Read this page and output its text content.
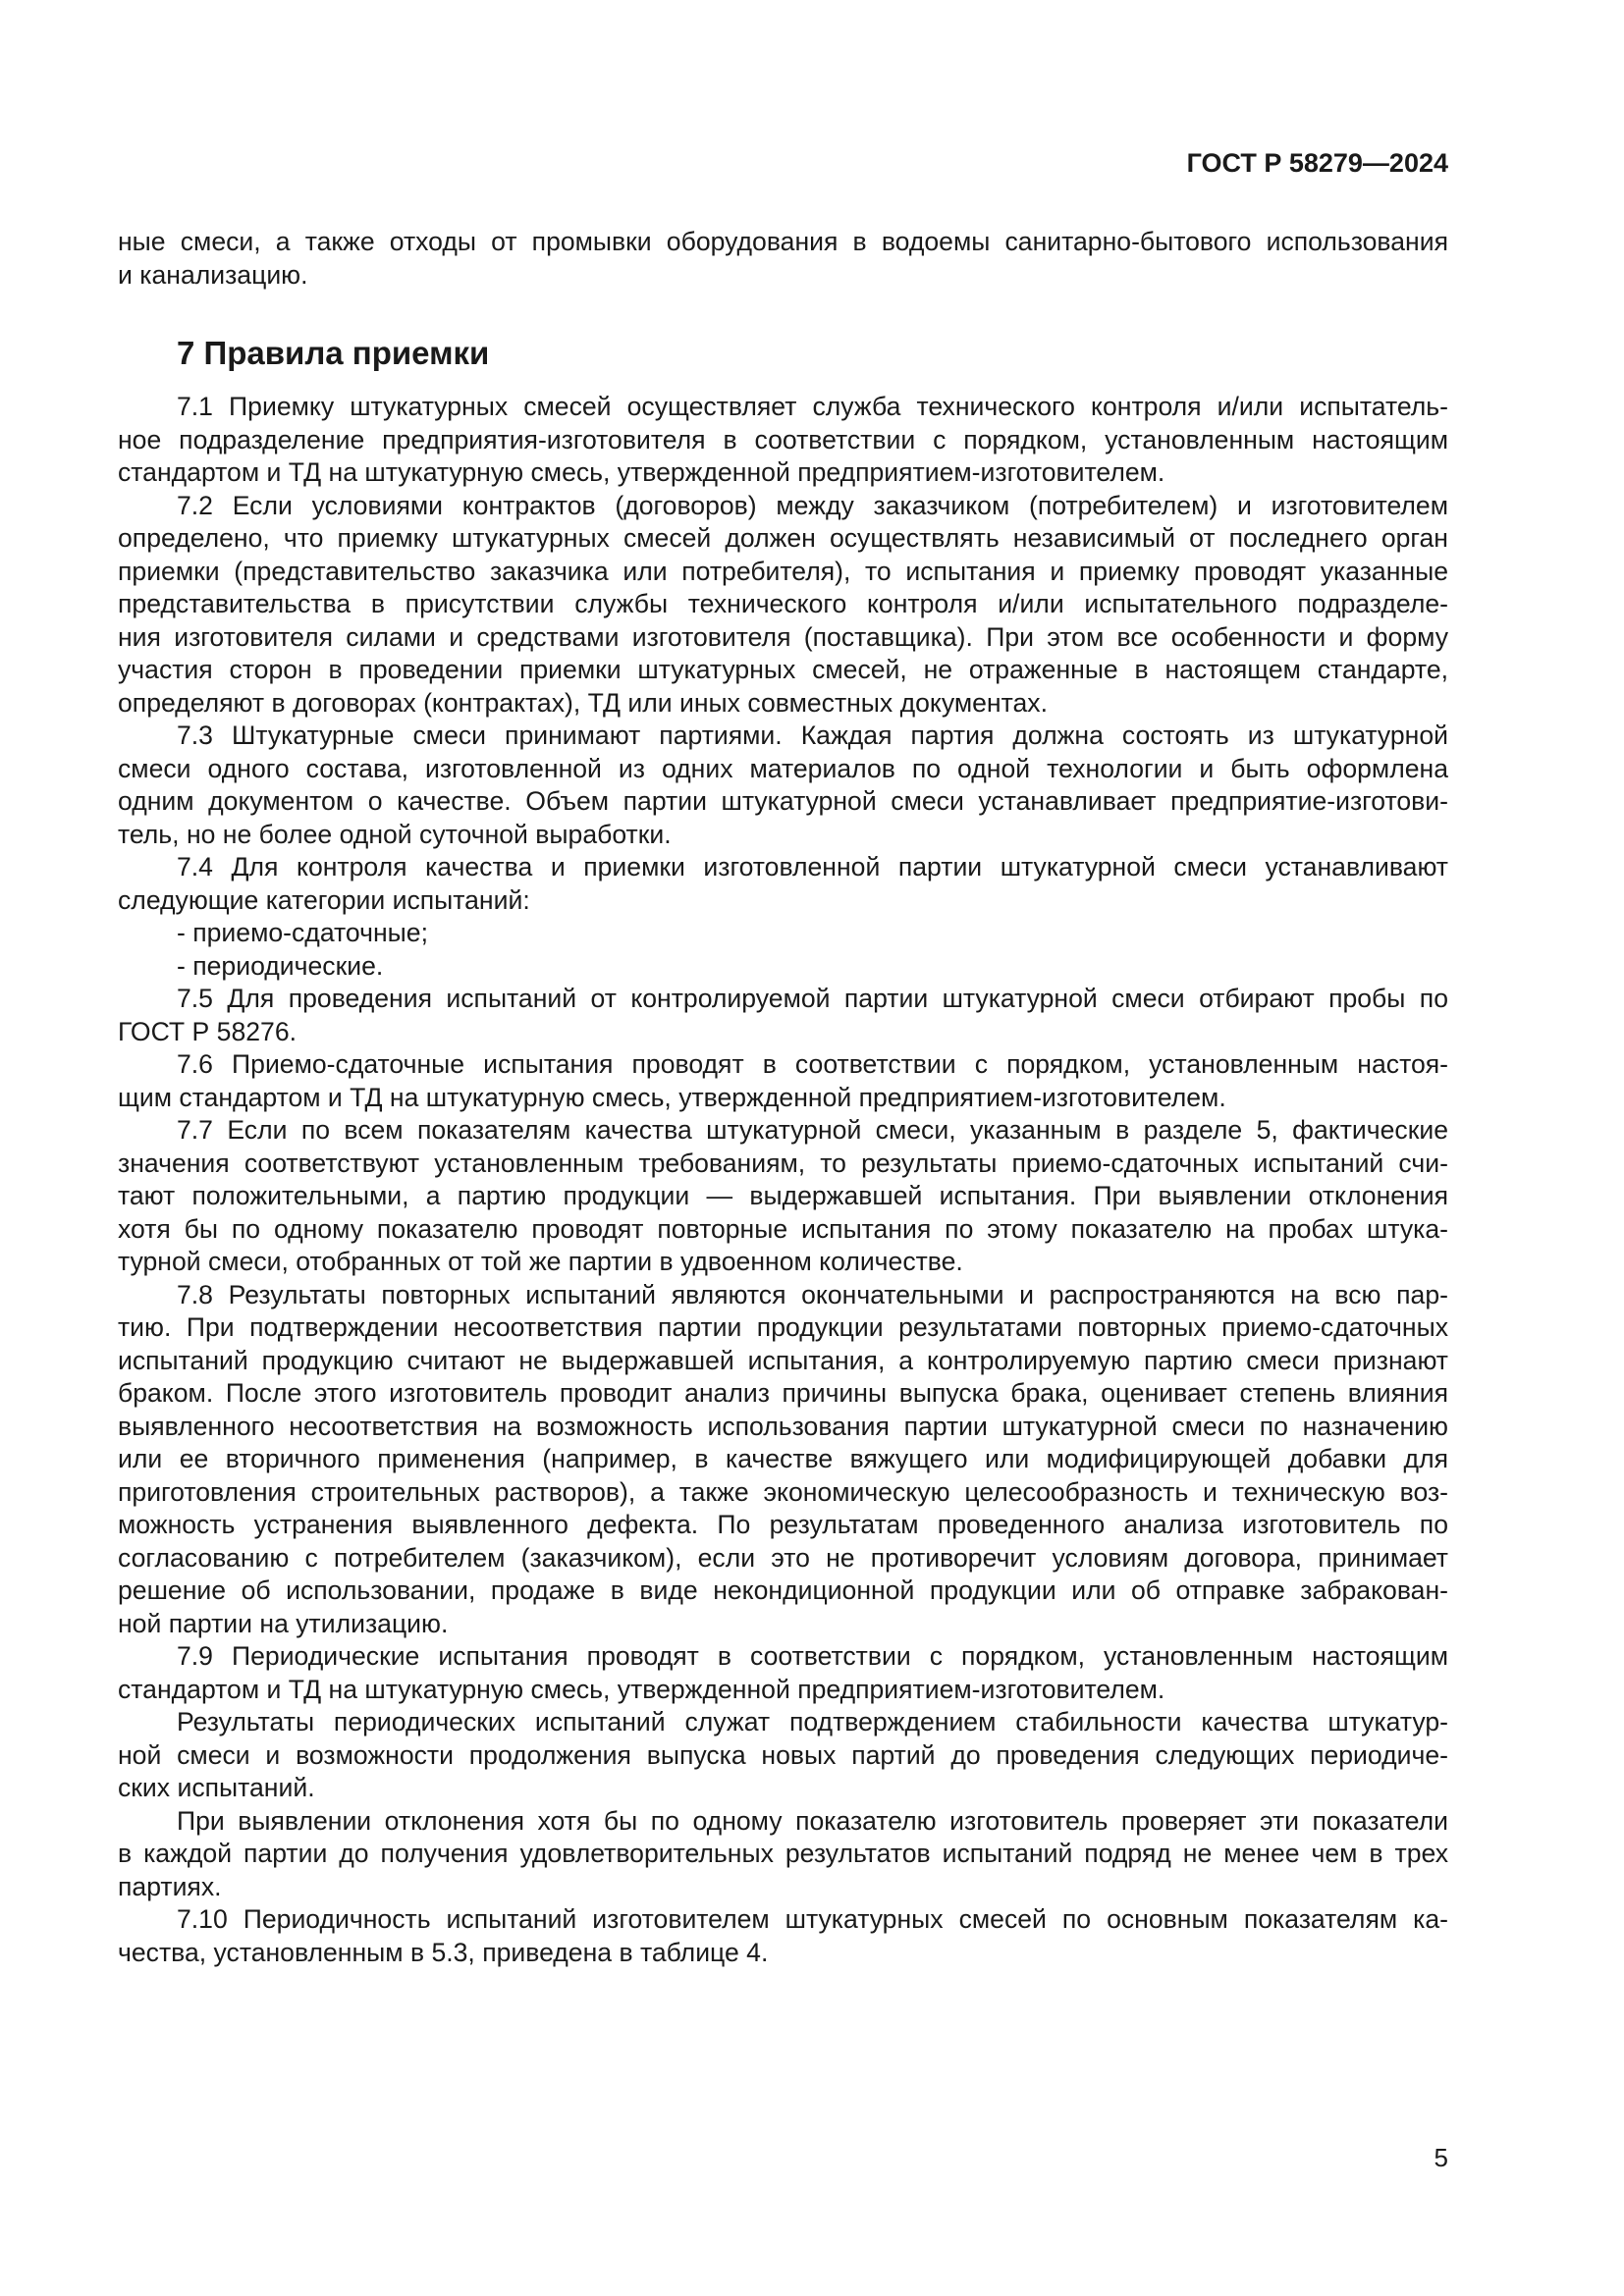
ГОСТ Р 58279—2024
ные смеси, а также отходы от промывки оборудования в водоемы санитарно-бытового использования
и канализацию.
7 Правила приемки
7.1 Приемку штукатурных смесей осуществляет служба технического контроля и/или испытатель-
ное подразделение предприятия-изготовителя в соответствии с порядком, установленным настоящим
стандартом и ТД на штукатурную смесь, утвержденной предприятием-изготовителем.
7.2 Если условиями контрактов (договоров) между заказчиком (потребителем) и изготовителем
определено, что приемку штукатурных смесей должен осуществлять независимый от последнего орган
приемки (представительство заказчика или потребителя), то испытания и приемку проводят указанные
представительства в присутствии службы технического контроля и/или испытательного подразделе-
ния изготовителя силами и средствами изготовителя (поставщика). При этом все особенности и форму
участия сторон в проведении приемки штукатурных смесей, не отраженные в настоящем стандарте,
определяют в договорах (контрактах), ТД или иных совместных документах.
7.3 Штукатурные смеси принимают партиями. Каждая партия должна состоять из штукатурной
смеси одного состава, изготовленной из одних материалов по одной технологии и быть оформлена
одним документом о качестве. Объем партии штукатурной смеси устанавливает предприятие-изготови-
тель, но не более одной суточной выработки.
7.4 Для контроля качества и приемки изготовленной партии штукатурной смеси устанавливают
следующие категории испытаний:
- приемо-сдаточные;
- периодические.
7.5 Для проведения испытаний от контролируемой партии штукатурной смеси отбирают пробы по
ГОСТ Р 58276.
7.6 Приемо-сдаточные испытания проводят в соответствии с порядком, установленным настоя-
щим стандартом и ТД на штукатурную смесь, утвержденной предприятием-изготовителем.
7.7 Если по всем показателям качества штукатурной смеси, указанным в разделе 5, фактические
значения соответствуют установленным требованиям, то результаты приемо-сдаточных испытаний счи-
тают положительными, а партию продукции — выдержавшей испытания. При выявлении отклонения
хотя бы по одному показателю проводят повторные испытания по этому показателю на пробах штука-
турной смеси, отобранных от той же партии в удвоенном количестве.
7.8 Результаты повторных испытаний являются окончательными и распространяются на всю пар-
тию. При подтверждении несоответствия партии продукции результатами повторных приемо-сдаточных
испытаний продукцию считают не выдержавшей испытания, а контролируемую партию смеси признают
браком. После этого изготовитель проводит анализ причины выпуска брака, оценивает степень влияния
выявленного несоответствия на возможность использования партии штукатурной смеси по назначению
или ее вторичного применения (например, в качестве вяжущего или модифицирующей добавки для
приготовления строительных растворов), а также экономическую целесообразность и техническую воз-
можность устранения выявленного дефекта. По результатам проведенного анализа изготовитель по
согласованию с потребителем (заказчиком), если это не противоречит условиям договора, принимает
решение об использовании, продаже в виде некондиционной продукции или об отправке забракован-
ной партии на утилизацию.
7.9 Периодические испытания проводят в соответствии с порядком, установленным настоящим
стандартом и ТД на штукатурную смесь, утвержденной предприятием-изготовителем.
Результаты периодических испытаний служат подтверждением стабильности качества штукатур-
ной смеси и возможности продолжения выпуска новых партий до проведения следующих периодиче-
ских испытаний.
При выявлении отклонения хотя бы по одному показателю изготовитель проверяет эти показатели
в каждой партии до получения удовлетворительных результатов испытаний подряд не менее чем в трех
партиях.
7.10 Периодичность испытаний изготовителем штукатурных смесей по основным показателям ка-
чества, установленным в 5.3, приведена в таблице 4.
5
